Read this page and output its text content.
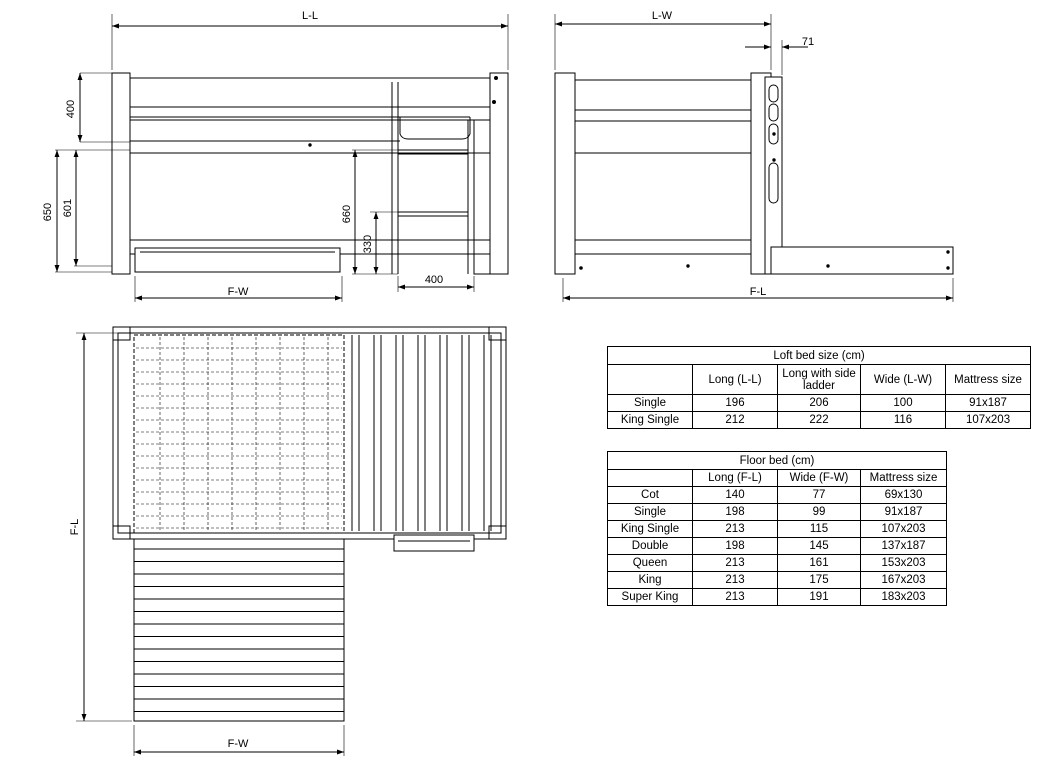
L-L
400
650 601	660
330
F-W
400
L-W
71
F-L
F-L
F-W
Loft bed size (cm)				
	Long (L-L)	Long with side ladder	Wide (L-W)	Mattress size
Single	196	206	100	91x187
King Single	212	222	116	107x203
Floor bed (cm)			
	Long (F-L)	Wide (F-W)	Mattress size
Cot	140	77	69x130
Single	198	99	91x187
King Single	213	115	107x203
Double	198	145	137x187
Queen	213	161	153x203
King	213	175	167x203
Super King	213	191	183x203
